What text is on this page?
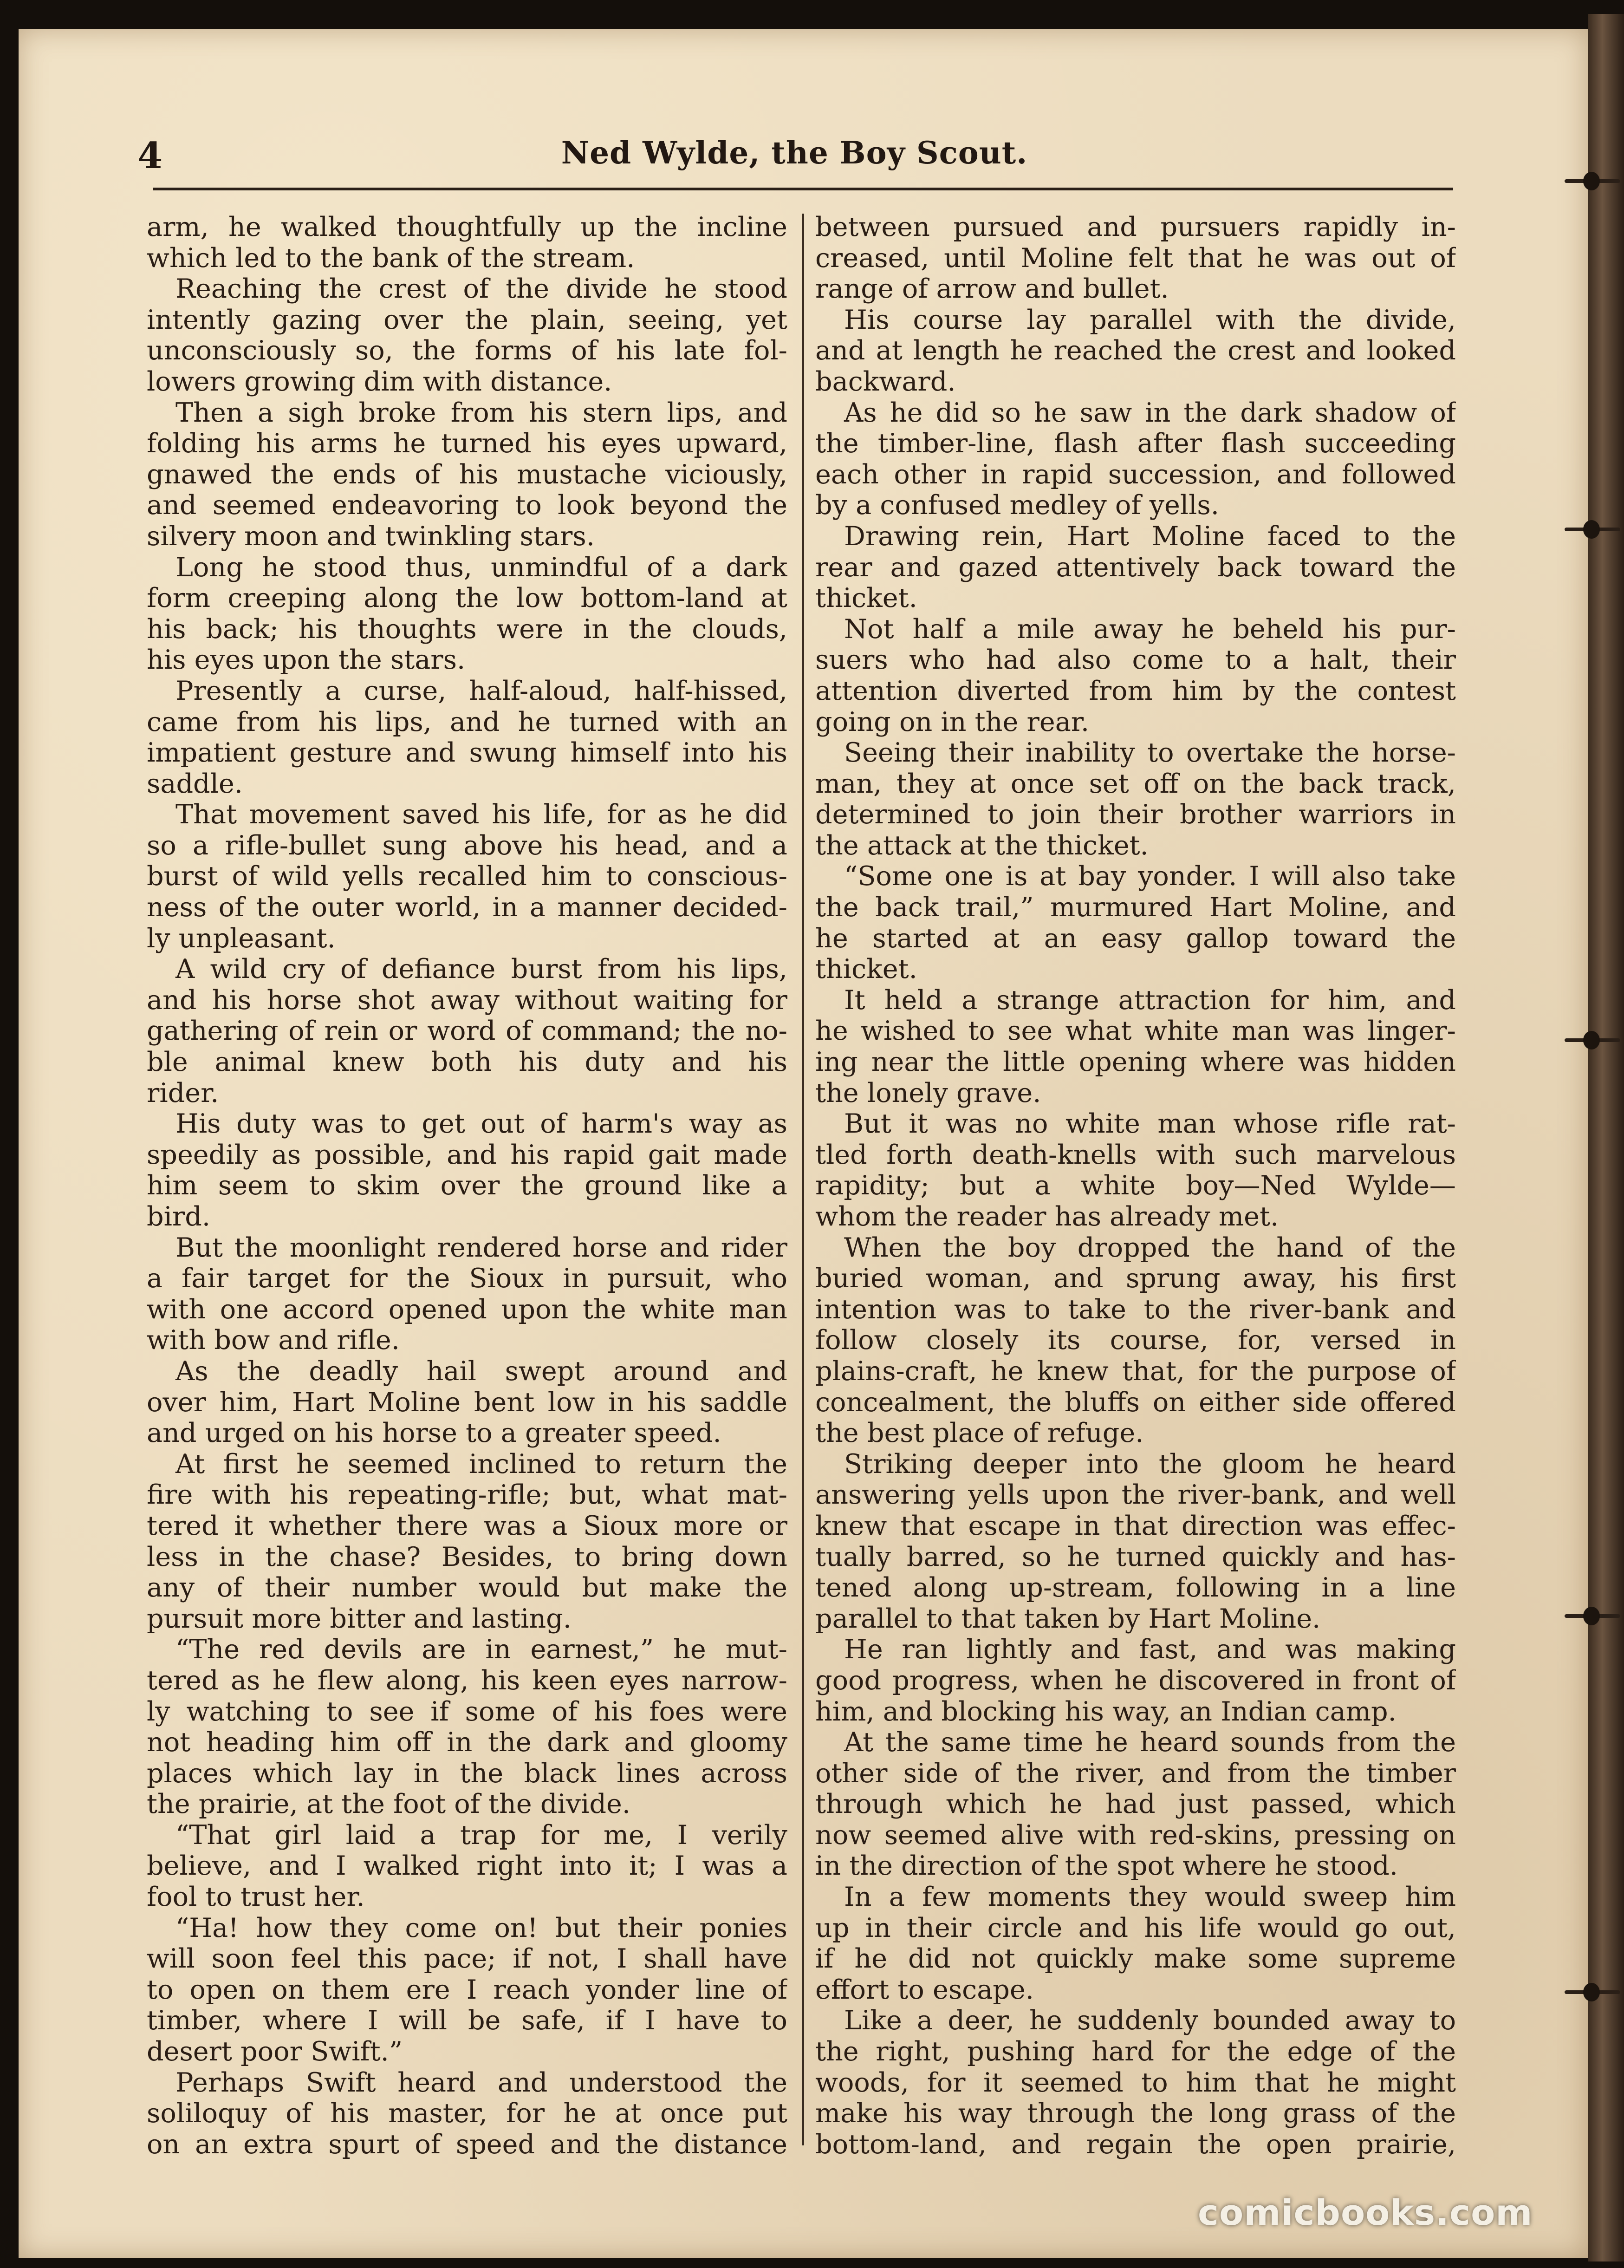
4	Ned Wylde, the Boy Scout.
arm, he walked thoughtfully up the incline
which led to the bank of the stream.
Reaching the crest of the divide he stood
intently gazing over the plain, seeing, yet
unconsciously so, the forms of his late fol-
lowers growing dim with distance.
Then a sigh broke from his stern lips, and
folding his arms he turned his eyes upward,
gnawed the ends of his mustache viciously,
and seemed endeavoring to look beyond the
silvery moon and twinkling stars.
Long he stood thus, unmindful of a dark
form creeping along the low bottom-land at
his back; his thoughts were in the clouds,
his eyes upon the stars.
Presently a curse, half-aloud, half-hissed,
came from his lips, and he turned with an
impatient gesture and swung himself into his
saddle.
That movement saved his life, for as he did
so a rifle-bullet sung above his head, and a
burst of wild yells recalled him to conscious-
ness of the outer world, in a manner decided-
ly unpleasant.
A wild cry of defiance burst from his lips,
and his horse shot away without waiting for
gathering of rein or word of command; the no-
ble animal knew both his duty and his
rider.
His duty was to get out of harm's way as
speedily as possible, and his rapid gait made
him seem to skim over the ground like a
bird.
But the moonlight rendered horse and rider
a fair target for the Sioux in pursuit, who
with one accord opened upon the white man
with bow and rifle.
As the deadly hail swept around and
over him, Hart Moline bent low in his saddle
and urged on his horse to a greater speed.
At first he seemed inclined to return the
fire with his repeating-rifle; but, what mat-
tered it whether there was a Sioux more or
less in the chase? Besides, to bring down
any of their number would but make the
pursuit more bitter and lasting.
“The red devils are in earnest,” he mut-
tered as he flew along, his keen eyes narrow-
ly watching to see if some of his foes were
not heading him off in the dark and gloomy
places which lay in the black lines across
the prairie, at the foot of the divide.
“That girl laid a trap for me, I verily
believe, and I walked right into it; I was a
fool to trust her.
“Ha! how they come on! but their ponies
will soon feel this pace; if not, I shall have
to open on them ere I reach yonder line of
timber, where I will be safe, if I have to
desert poor Swift.”
Perhaps Swift heard and understood the
soliloquy of his master, for he at once put
on an extra spurt of speed and the distance
between pursued and pursuers rapidly in-
creased, until Moline felt that he was out of
range of arrow and bullet.
His course lay parallel with the divide,
and at length he reached the crest and looked
backward.
As he did so he saw in the dark shadow of
the timber-line, flash after flash succeeding
each other in rapid succession, and followed
by a confused medley of yells.
Drawing rein, Hart Moline faced to the
rear and gazed attentively back toward the
thicket.
Not half a mile away he beheld his pur-
suers who had also come to a halt, their
attention diverted from him by the contest
going on in the rear.
Seeing their inability to overtake the horse-
man, they at once set off on the back track,
determined to join their brother warriors in
the attack at the thicket.
“Some one is at bay yonder. I will also take
the back trail,” murmured Hart Moline, and
he started at an easy gallop toward the
thicket.
It held a strange attraction for him, and
he wished to see what white man was linger-
ing near the little opening where was hidden
the lonely grave.
But it was no white man whose rifle rat-
tled forth death-knells with such marvelous
rapidity; but a white boy—Ned Wylde—
whom the reader has already met.
When the boy dropped the hand of the
buried woman, and sprung away, his first
intention was to take to the river-bank and
follow closely its course, for, versed in
plains-craft, he knew that, for the purpose of
concealment, the bluffs on either side offered
the best place of refuge.
Striking deeper into the gloom he heard
answering yells upon the river-bank, and well
knew that escape in that direction was effec-
tually barred, so he turned quickly and has-
tened along up-stream, following in a line
parallel to that taken by Hart Moline.
He ran lightly and fast, and was making
good progress, when he discovered in front of
him, and blocking his way, an Indian camp.
At the same time he heard sounds from the
other side of the river, and from the timber
through which he had just passed, which
now seemed alive with red-skins, pressing on
in the direction of the spot where he stood.
In a few moments they would sweep him
up in their circle and his life would go out,
if he did not quickly make some supreme
effort to escape.
Like a deer, he suddenly bounded away to
the right, pushing hard for the edge of the
woods, for it seemed to him that he might
make his way through the long grass of the
bottom-land, and regain the open prairie,
comicbooks.com
